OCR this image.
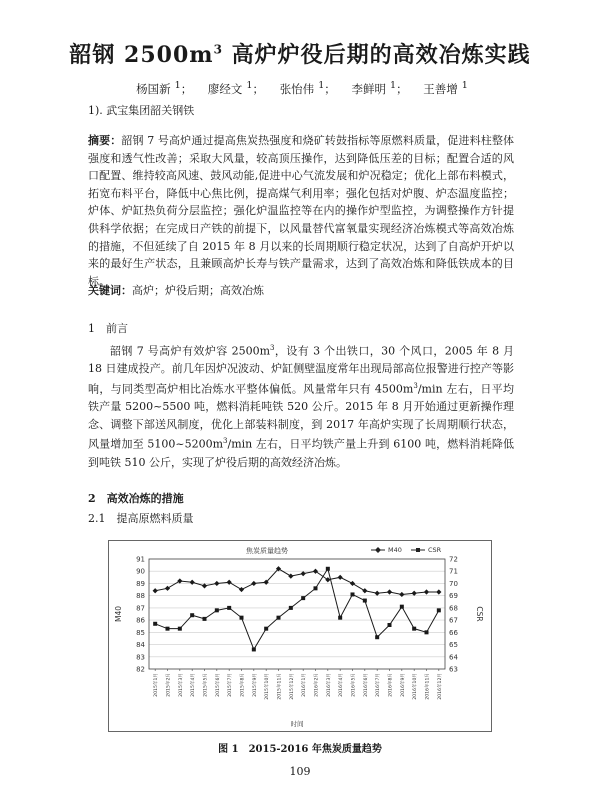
韶钢 $2500m^3$ 高炉炉役后期的高效冶炼实践
杨国新 $^1$； 廖经文 $^1$； 张怡伟 $^1$； 李鲜明 $^1$； 王善增 $^1$
1). 武宝集团韶关钢铁
摘要：韶钢 7 号高炉通过提高焦炭热强度和烧矿转鼓指标等原燃料质量，促进料柱整体强度和透气性改善；采取大风量，较高顶压操作，达到降低压差的目标；配置合适的风口配置、维持较高风速、鼓风动能,促进中心气流发展和炉况稳定；优化上部布料模式，拓宽布料平台，降低中心焦比例，提高煤气利用率；强化包括对炉腹、炉态温度监控；炉体、炉缸热负荷分层监控；强化炉温监控等在内的操作炉型监控，为调整操作方针提供科学依据；在完成日产铁的前提下，以风量替代富氧量实现经济冶炼模式等高效冶炼的措施，不但延续了自 2015 年 8 月以来的长周期顺行稳定状况，达到了自高炉开炉以来的最好生产状态，且兼顾高炉长寿与铁产量需求，达到了高效冶炼和降低铁成本的目标。
关键词：高炉；炉役后期；高效冶炼
1　前言
韶钢 7 号高炉有效炉容 $2500m^3$，设有 3 个出铁口，30 个风口，2005 年 8 月 18 日建成投产。前几年因炉况波动、炉缸侧壁温度常年出现局部高位报警进行控产等影响，与同类型高炉相比冶炼水平整体偏低。风量常年只有 $4500m^3/\min$ 左右，日平均铁产量 5200~5500 吨，燃料消耗吨铁 520 公斤。2015 年 8 月开始通过更新操作理念、调整下部送风制度，优化上部装料制度，到 2017 年高炉实现了长周期顺行状态，风量增加至 $5100\sim 5200m^3/\min$ 左右，日平均铁产量上升到 6100 吨，燃料消耗降低到吨铁 510 公斤，实现了炉役后期的高效经济冶炼。
2　高效冶炼的措施
2.1　提高原燃料质量
焦炭质量趋势	M40	CSR
82
83
84
85
86
87
88
89
90
91
63
64
65
66
67
68
69
70
71
72
M40	CSR
时间
2015年1月	2015年2月	2015年3月	2015年4月	2015年5月	2015年6月	2015年7月	2015年8月	2015年9月	2015年10月	2015年11月	2015年12月	2016年1月	2016年2月	2016年3月	2016年4月	2016年5月	2016年6月	2016年7月	2016年8月	2016年9月	2016年10月	2016年11月	2016年12月
图 1　2015-2016 年焦炭质量趋势
109
